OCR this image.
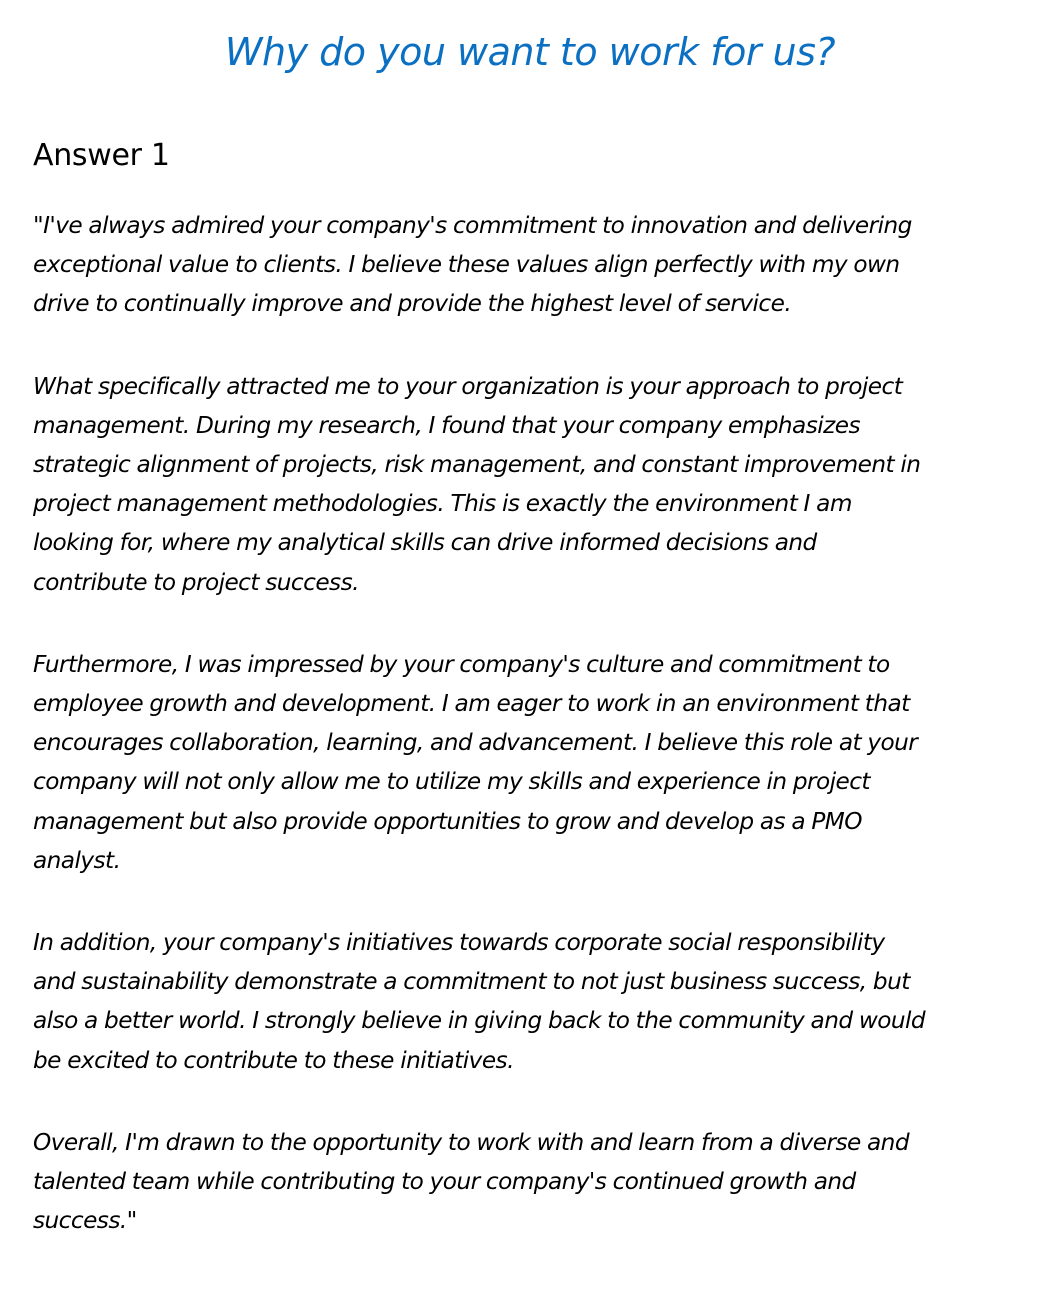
Why do you want to work for us?
Answer 1

"I've always admired your company's commitment to innovation and delivering
exceptional value to clients. I believe these values align perfectly with my own
drive to continually improve and provide the highest level of service.

What specifically attracted me to your organization is your approach to project
management. During my research, I found that your company emphasizes
strategic alignment of projects, risk management, and constant improvement in
project management methodologies. This is exactly the environment I am
looking for, where my analytical skills can drive informed decisions and
contribute to project success.

Furthermore, I was impressed by your company's culture and commitment to
employee growth and development. I am eager to work in an environment that
encourages collaboration, learning, and advancement. I believe this role at your
company will not only allow me to utilize my skills and experience in project
management but also provide opportunities to grow and develop as a PMO
analyst.

In addition, your company's initiatives towards corporate social responsibility
and sustainability demonstrate a commitment to not just business success, but
also a better world. I strongly believe in giving back to the community and would
be excited to contribute to these initiatives.

Overall, I'm drawn to the opportunity to work with and learn from a diverse and
talented team while contributing to your company's continued growth and
success."
